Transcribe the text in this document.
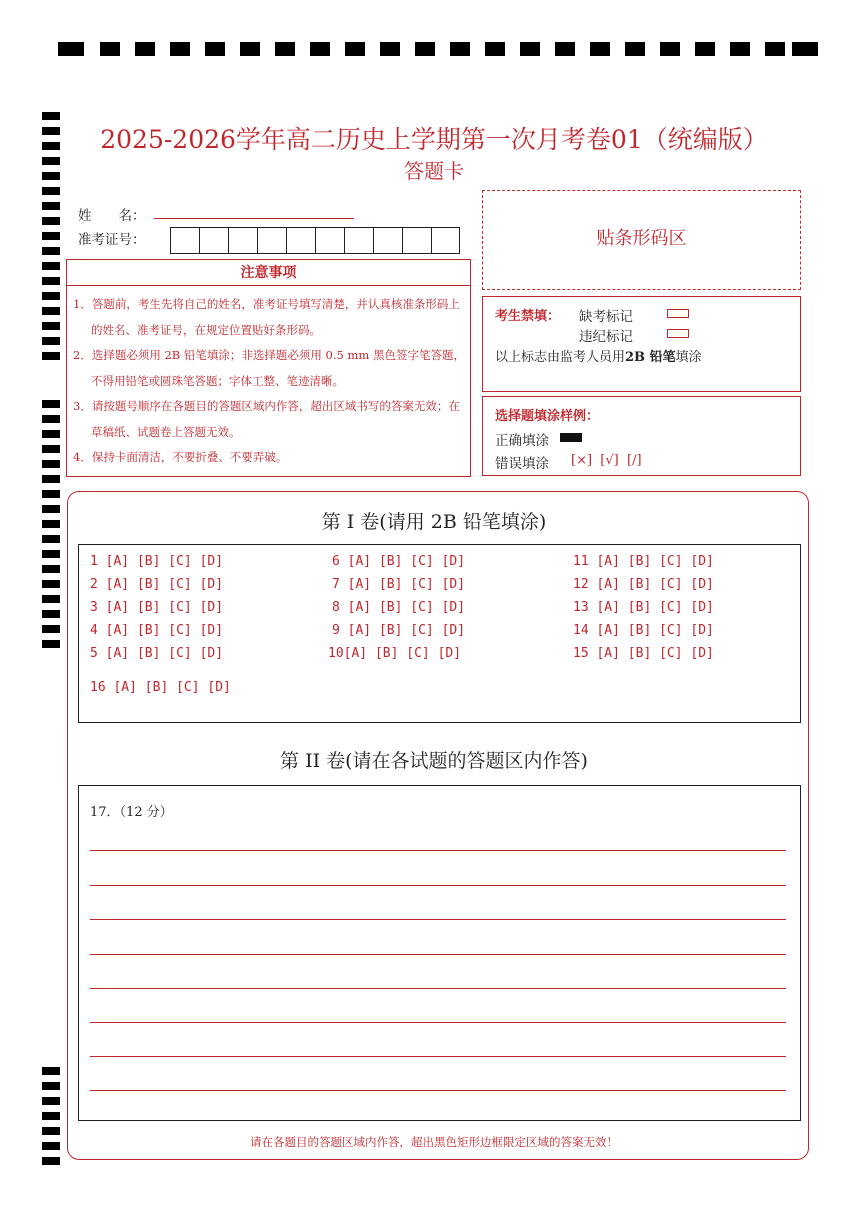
2025-2026学年高二历史上学期第一次月考卷01（统编版）
答题卡
姓　　名：
准考证号：
注意事项
1．答题前，考生先将自己的姓名，准考证号填写清楚，并认真核准条形码上的姓名、准考证号，在规定位置贴好条形码。
2．选择题必须用 2B 铅笔填涂；非选择题必须用 0.5 mm 黑色签字笔答题，不得用铅笔或圆珠笔答题；字体工整、笔迹清晰。
3．请按题号顺序在各题目的答题区域内作答，超出区域书写的答案无效；在草稿纸、试题卷上答题无效。
4．保持卡面清洁，不要折叠、不要弄破。
贴条形码区
考生禁填： 缺考标记
违纪标记
以上标志由监考人员用2B 铅笔填涂
选择题填涂样例：
正确填涂
错误填涂 [×]  [√]  [/]
第 I 卷(请用 2B 铅笔填涂)
1 [A] [B] [C] [D]
2 [A] [B] [C] [D]
3 [A] [B] [C] [D]
4 [A] [B] [C] [D]
5 [A] [B] [C] [D]
6 [A] [B] [C] [D]
7 [A] [B] [C] [D]
8 [A] [B] [C] [D]
9 [A] [B] [C] [D]
10[A] [B] [C] [D]
11 [A] [B] [C] [D]
12 [A] [B] [C] [D]
13 [A] [B] [C] [D]
14 [A] [B] [C] [D]
15 [A] [B] [C] [D]
16 [A] [B] [C] [D]
第 II 卷(请在各试题的答题区内作答)
17．（12 分）
请在各题目的答题区域内作答，超出黑色矩形边框限定区域的答案无效！
